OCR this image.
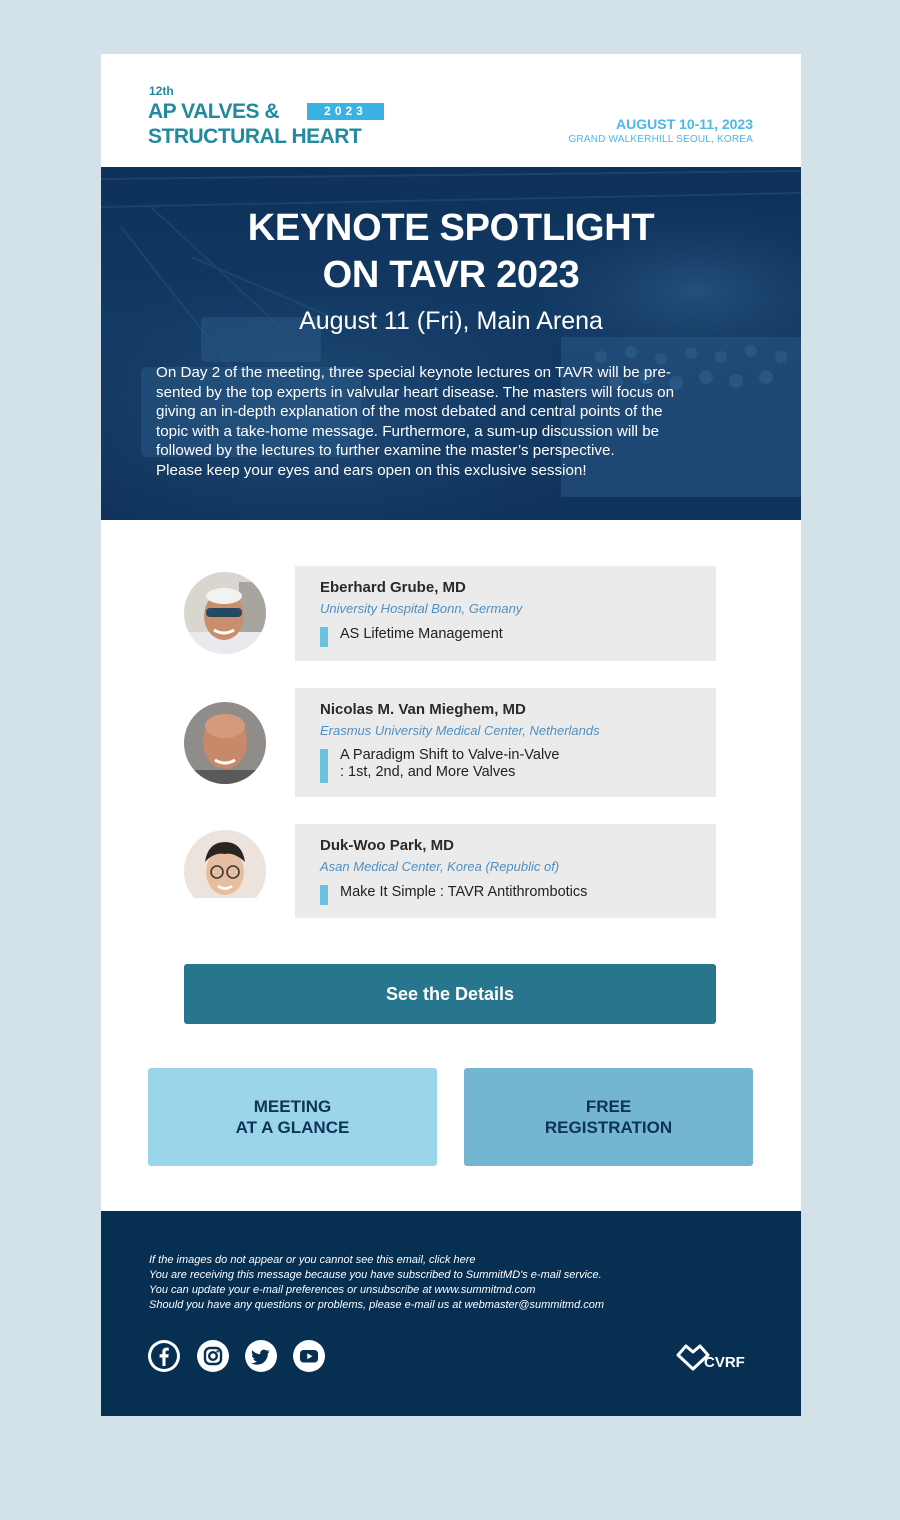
12th
AP VALVES &	2023
STRUCTURAL HEART
AUGUST 10-11, 2023
GRAND WALKERHILL SEOUL, KOREA
KEYNOTE SPOTLIGHT
ON TAVR 2023
August 11 (Fri), Main Arena

On Day 2 of the meeting, three special keynote lectures on TAVR will be pre-

sented by the top experts in valvular heart disease. The masters will focus on

giving an in-depth explanation of the most debated and central points of the

topic with a take-home message. Furthermore, a sum-up discussion will be

followed by the lectures to further examine the master’s perspective.

Please keep your eyes and ears open on this exclusive session!

Eberhard Grube, MD
University Hospital Bonn, Germany
AS Lifetime Management
Nicolas M. Van Mieghem, MD
Erasmus University Medical Center, Netherlands
A Paradigm Shift to Valve-in-Valve
: 1st, 2nd, and More Valves
Duk-Woo Park, MD
Asan Medical Center, Korea (Republic of)
Make It Simple : TAVR Antithrombotics
See the Details
MEETING
AT A GLANCE
FREE
REGISTRATION
If the images do not appear or you cannot see this email, click here
You are receiving this message because you have subscribed to SummitMD's e-mail service.
You can update your e-mail preferences or unsubscribe at www.summitmd.com
Should you have any questions or problems, please e-mail us at webmaster@summitmd.com
CVRF
